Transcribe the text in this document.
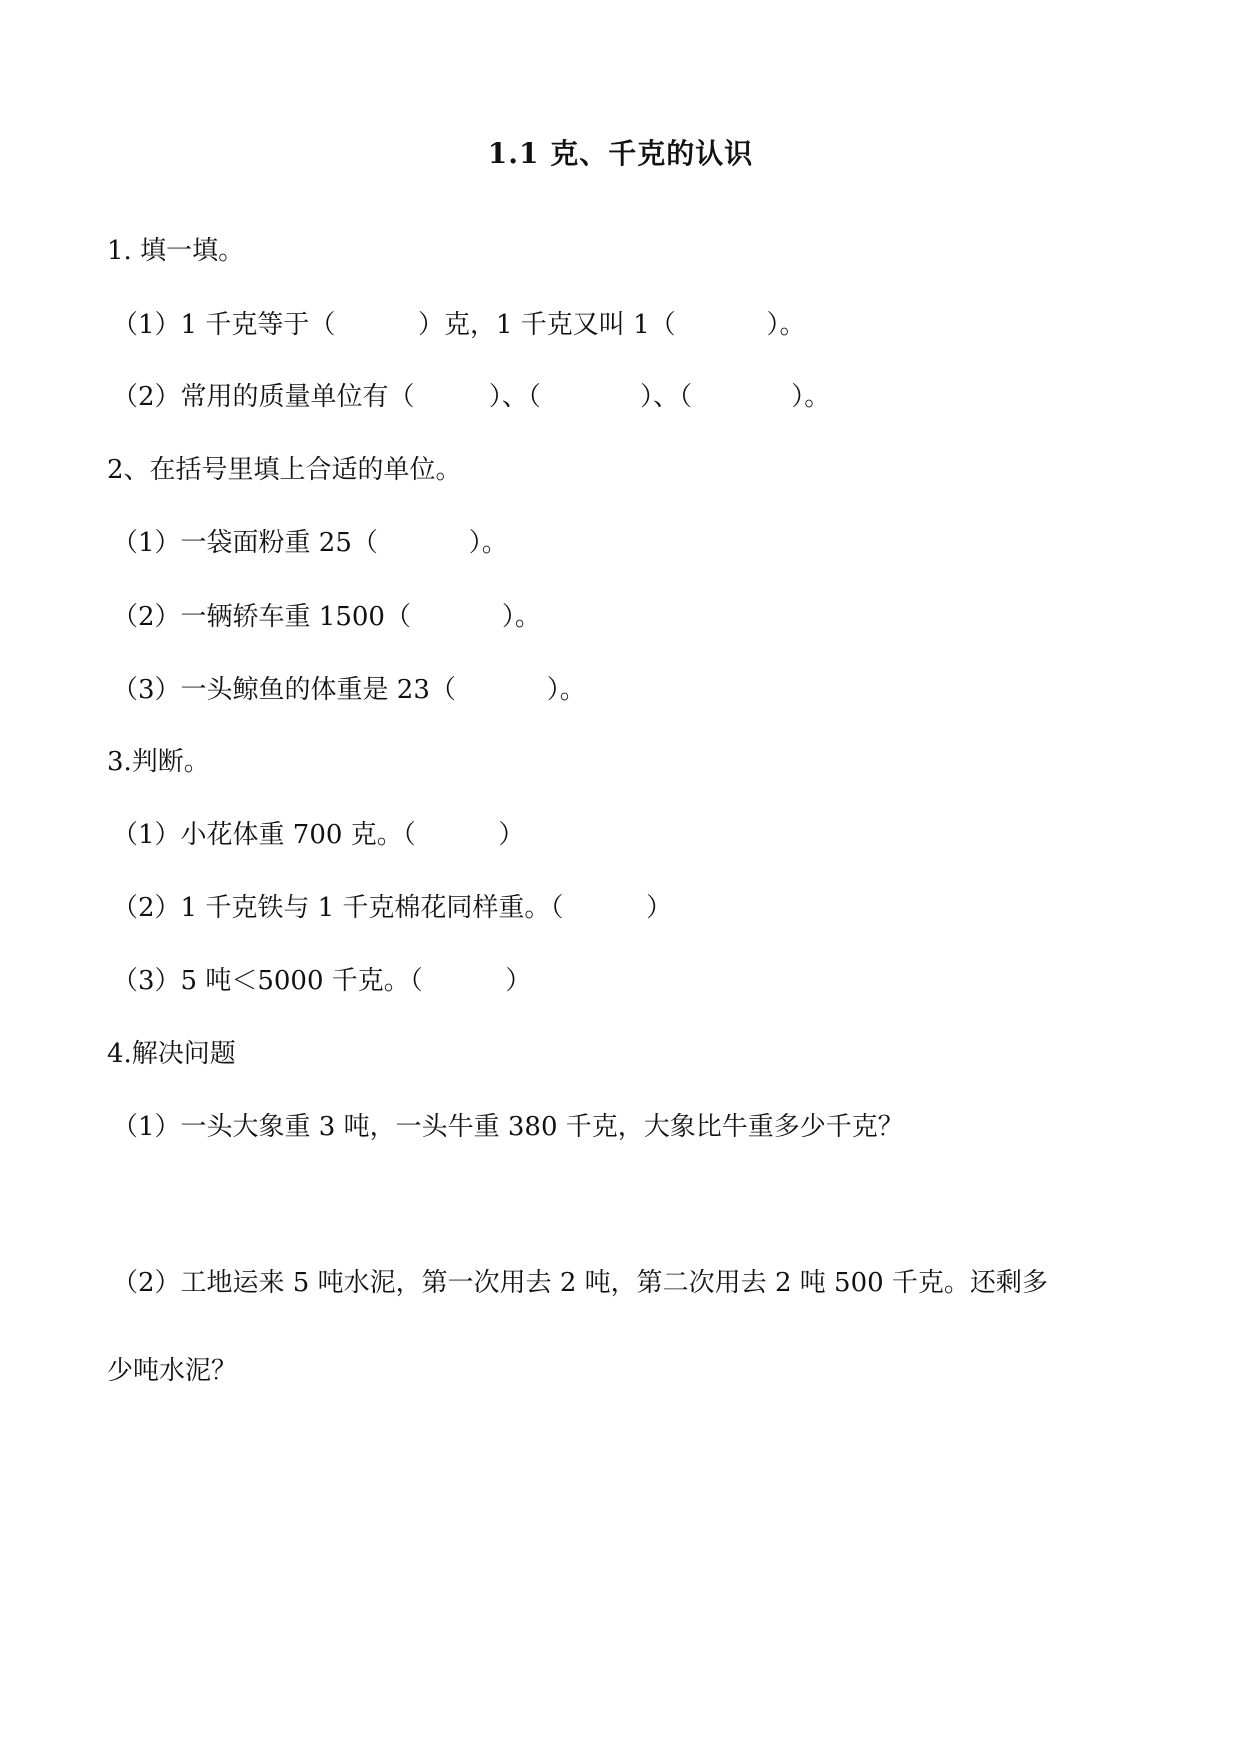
1.1 克、千克的认识
1. 填一填。
（1）1 千克等于（          ）克，1 千克又叫 1（           ）。
（2）常用的质量单位有（         ）、（            ）、（            ）。
2、在括号里填上合适的单位。
（1）一袋面粉重 25（           ）。
（2）一辆轿车重 1500（           ）。
（3）一头鲸鱼的体重是 23（           ）。
3.判断。
（1）小花体重 700 克。（          ）
（2）1 千克铁与 1 千克棉花同样重。（          ）
（3）5 吨＜5000 千克。（          ）
4.解决问题
（1）一头大象重 3 吨，一头牛重 380 千克，大象比牛重多少千克？
（2）工地运来 5 吨水泥，第一次用去 2 吨，第二次用去 2 吨 500 千克。还剩多
少吨水泥？
